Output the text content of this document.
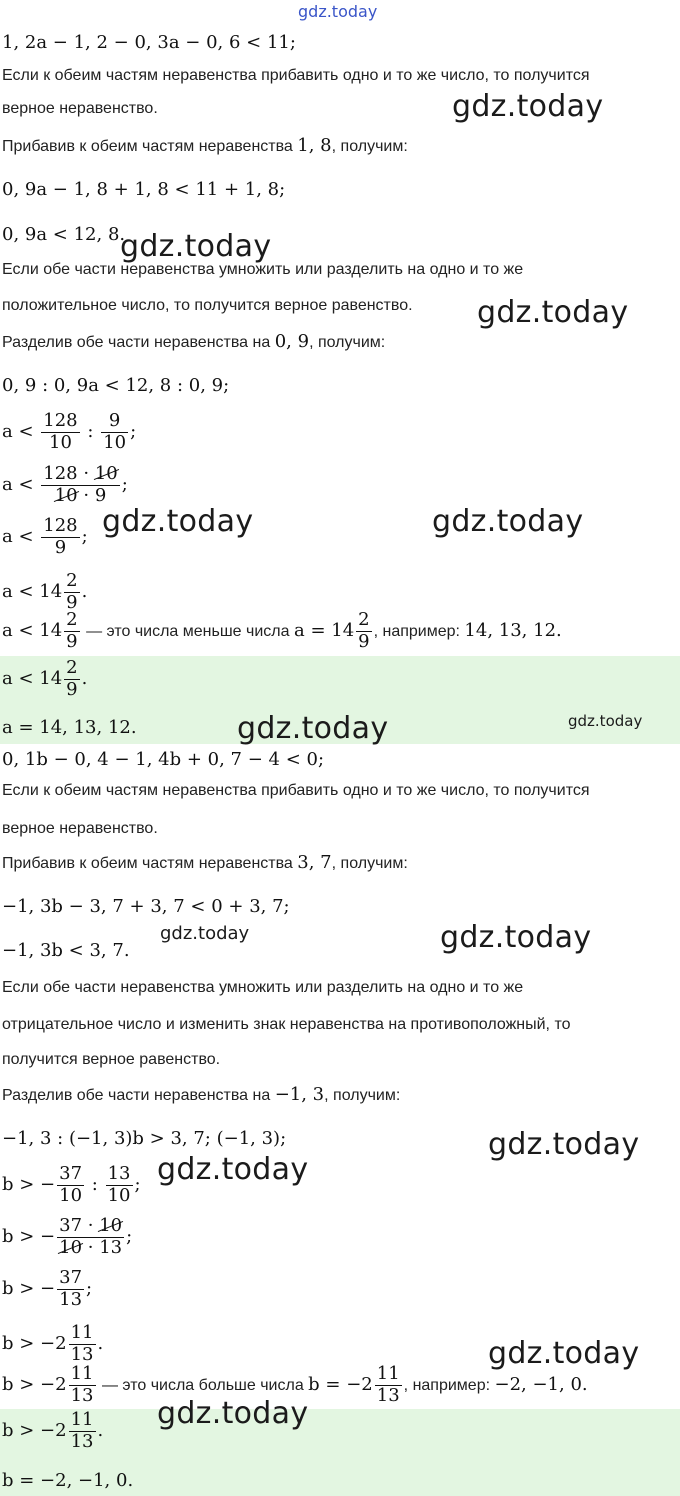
1, 2a − 1, 2 − 0, 3a − 0, 6 < 11;
Если к обеим частям неравенства прибавить одно и то же число, то получится
верное неравенство.
Прибавив к обеим частям неравенства 1, 8, получим:
0, 9a − 1, 8 + 1, 8 < 11 + 1, 8;
0, 9a < 12, 8.
Если обе части неравенства умножить или разделить на одно и то же
положительное число, то получится верное равенство.
Разделив обе части неравенства на 0, 9, получим:
0, 9 : 0, 9a < 12, 8 : 0, 9;
$a < \frac{128}{10}$ : $\frac{9}{10}$ ;
$a < \frac{128 \cdot 10}{10 \cdot 9}$ ;
$a < \frac{128}{9}$ ;
$a < 14 \frac{2}{9}$ .
$a < 14 \frac{2}{9}$ — это числа меньше числа $a = 14 \frac{2}{9}$ , например: 14, 13, 12.
$a < 14 \frac{2}{9}$ .
a = 14, 13, 12.
0, 1b − 0, 4 − 1, 4b + 0, 7 − 4 < 0;
Если к обеим частям неравенства прибавить одно и то же число, то получится
верное неравенство.
Прибавив к обеим частям неравенства 3, 7, получим:
−1, 3b − 3, 7 + 3, 7 < 0 + 3, 7;
−1, 3b < 3, 7.
Если обе части неравенства умножить или разделить на одно и то же
отрицательное число и изменить знак неравенства на противоположный, то
получится верное равенство.
Разделив обе части неравенства на −1, 3, получим:
−1, 3 : (−1, 3)b > 3, 7; (−1, 3);
b > − $\frac{37}{10}$ : $\frac{13}{10}$ ;
b > − $\frac{37 \cdot 10}{10 \cdot 13}$ ;
b > − $\frac{37}{13}$ ;
$b > -2 \frac{11}{13}$ .
$b > -2 \frac{11}{13}$ — это числа больше числа $b = -2 \frac{11}{13}$ , например: −2, −1, 0.
$b > -2 \frac{11}{13}$ .
b = −2, −1, 0.
gdz.today
gdz.today
gdz.today
gdz.today
gdz.today	gdz.today
gdz.today	gdz.today
gdz.today	gdz.today
gdz.today
gdz.today
gdz.today
gdz.today
